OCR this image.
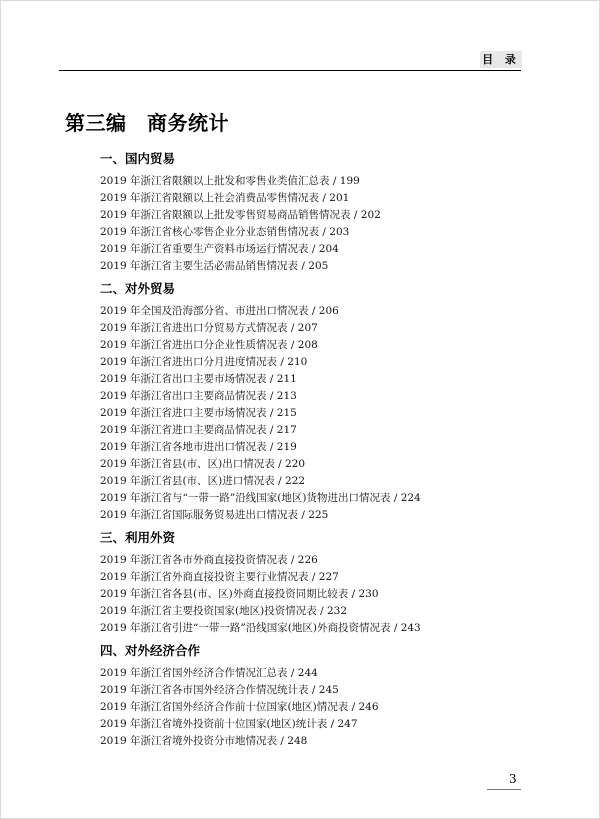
目 录
第三编　商务统计
一、国内贸易
2019 年浙江省限额以上批发和零售业类值汇总表 / 199
2019 年浙江省限额以上社会消费品零售情况表 / 201
2019 年浙江省限额以上批发零售贸易商品销售情况表 / 202
2019 年浙江省核心零售企业分业态销售情况表 / 203
2019 年浙江省重要生产资料市场运行情况表 / 204
2019 年浙江省主要生活必需品销售情况表 / 205
二、对外贸易
2019 年全国及沿海部分省、市进出口情况表 / 206
2019 年浙江省进出口分贸易方式情况表 / 207
2019 年浙江省进出口分企业性质情况表 / 208
2019 年浙江省进出口分月进度情况表 / 210
2019 年浙江省出口主要市场情况表 / 211
2019 年浙江省出口主要商品情况表 / 213
2019 年浙江省进口主要市场情况表 / 215
2019 年浙江省进口主要商品情况表 / 217
2019 年浙江省各地市进出口情况表 / 219
2019 年浙江省县(市、区)出口情况表 / 220
2019 年浙江省县(市、区)进口情况表 / 222
2019 年浙江省与“一带一路”沿线国家(地区)货物进出口情况表 / 224
2019 年浙江省国际服务贸易进出口情况表 / 225
三、利用外资
2019 年浙江省各市外商直接投资情况表 / 226
2019 年浙江省外商直接投资主要行业情况表 / 227
2019 年浙江省各县(市、区)外商直接投资同期比较表 / 230
2019 年浙江省主要投资国家(地区)投资情况表 / 232
2019 年浙江省引进“一带一路”沿线国家(地区)外商投资情况表 / 243
四、对外经济合作
2019 年浙江省国外经济合作情况汇总表 / 244
2019 年浙江省各市国外经济合作情况统计表 / 245
2019 年浙江省国外经济合作前十位国家(地区)情况表 / 246
2019 年浙江省境外投资前十位国家(地区)统计表 / 247
2019 年浙江省境外投资分市地情况表 / 248
3
